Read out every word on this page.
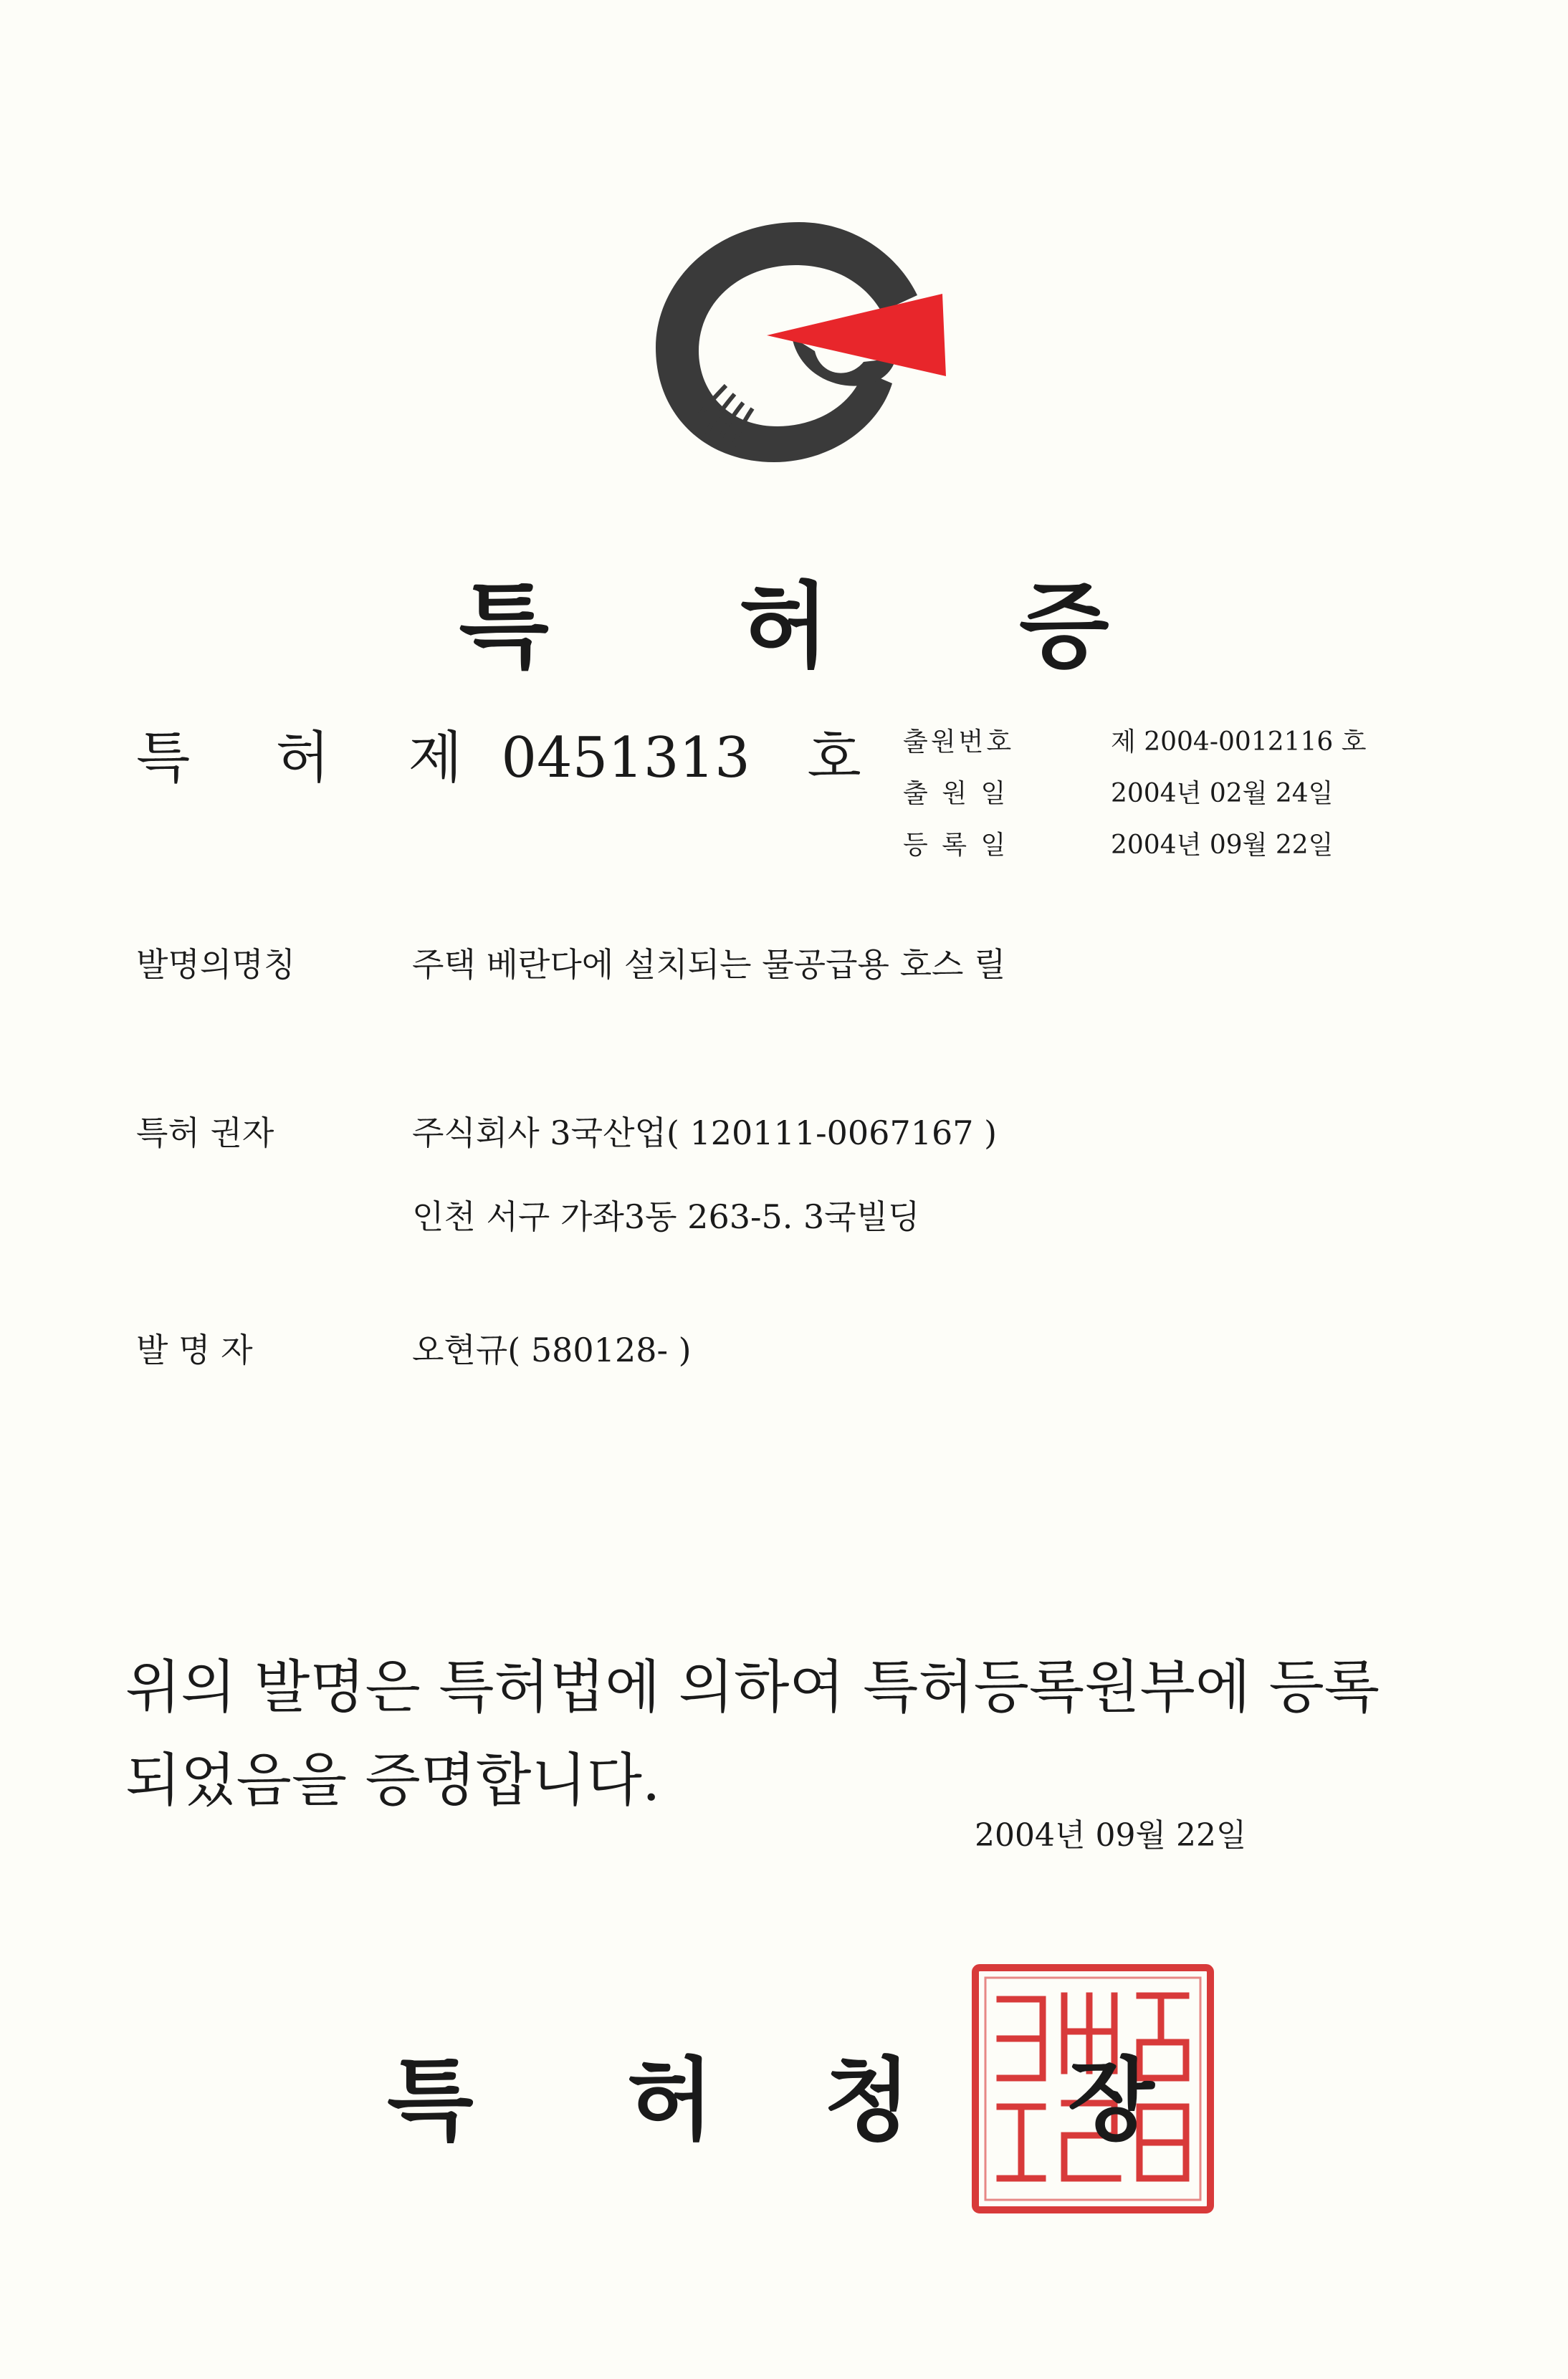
특 허 증
특 허 제 0451313 호 출원번호	제 2004-0012116 호
출 원 일	2004년 02월 24일
등 록 일	2004년 09월 22일
발명의명칭	주택 베란다에 설치되는 물공급용 호스 릴
특허 권자	주식회사 3국산업( 120111-0067167 )
인천 서구 가좌3동 263-5. 3국빌딩
발 명 자	오현규( 580128- )
위의 발명은 특허법에 의하여 특허등록원부에 등록
되었음을 증명합니다.
2004년 09월 22일
특 허 청 장
